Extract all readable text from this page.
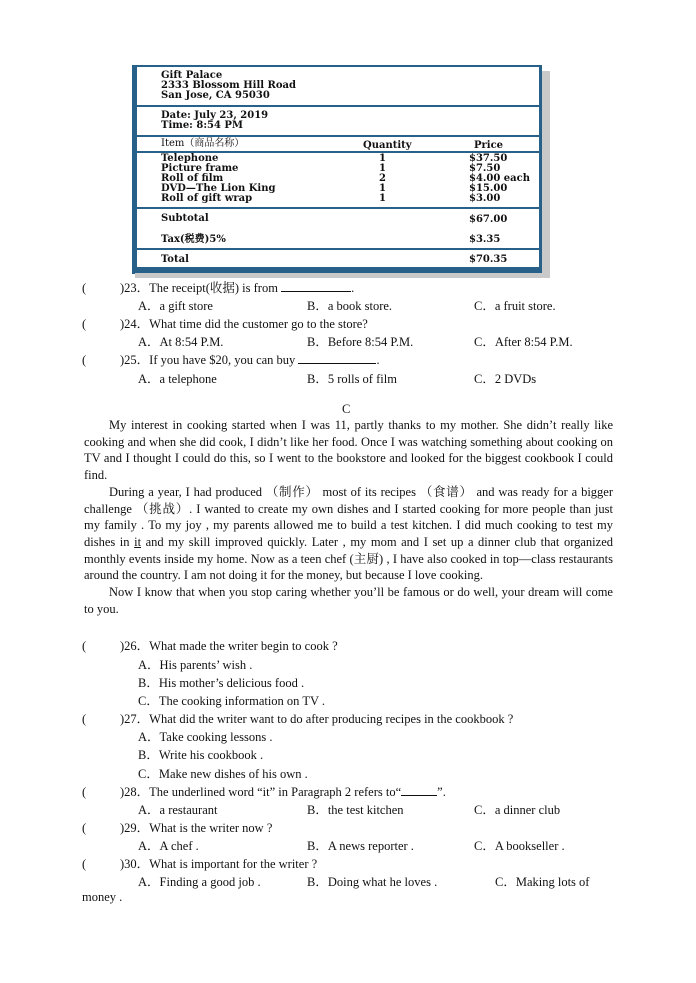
Gift Palace
2333 Blossom Hill Road
San Jose, CA 95030
Date: July 23, 2019
Time: 8:54 PM
Item（商品名称）	Quantity	Price
Telephone	1	$37.50
Picture frame	1	$7.50
Roll of film	2	$4.00 each
DVD—The Lion King	1	$15.00
Roll of gift wrap	1	$3.00
Subtotal	$67.00
Tax(税费)5%	$3.35
Total	$70.35
(	)23．The receipt(收据) is from	.
A．a gift store	B．a book store.	C．a fruit store.
(	)24．What time did the customer go to the store?
A．At 8:54 P.M.	B．Before 8:54 P.M.	C．After 8:54 P.M.
(	)25．If you have $20, you can buy	.
A．a telephone	B．5 rolls of film	C．2 DVDs
C

My interest in cooking started when I was 11, partly thanks to my mother. She didn’t really like cooking and when she did cook, I didn’t like her food. Once I was watching something about cooking on TV and I thought I could do this, so I went to the bookstore and looked for the biggest cookbook I could find.

During a year, I had produced （制作） most of its recipes （食谱） and was ready for a bigger challenge （挑战）. I wanted to create my own dishes and I started cooking for more people than just my family . To my joy , my parents allowed me to build a test kitchen. I did much cooking to test my dishes in it and my skill improved quickly. Later , my mom and I set up a dinner club that organized monthly events inside my home. Now as a teen chef (主厨) , I have also cooked in top—class restaurants around the country. I am not doing it for the money, but because I love cooking.

Now I know that when you stop caring whether you’ll be famous or do well, your dream will come to you.

(	)26．What made the writer begin to cook ?
A．His parents’ wish .
B．His mother’s delicious food .
C．The cooking information on TV .
(	)27．What did the writer want to do after producing recipes in the cookbook ?
A．Take cooking lessons .
B．Write his cookbook .
C．Make new dishes of his own .
(	)28．The underlined word “it” in Paragraph 2 refers to“	”.
A．a restaurant	B．the test kitchen	C．a dinner club
(	)29．What is the writer now ?
A．A chef .	B．A news reporter .	C．A bookseller .
(	)30．What is important for the writer ?
A．Finding a good job .	B．Doing what he loves .	C．Making lots of
money .
